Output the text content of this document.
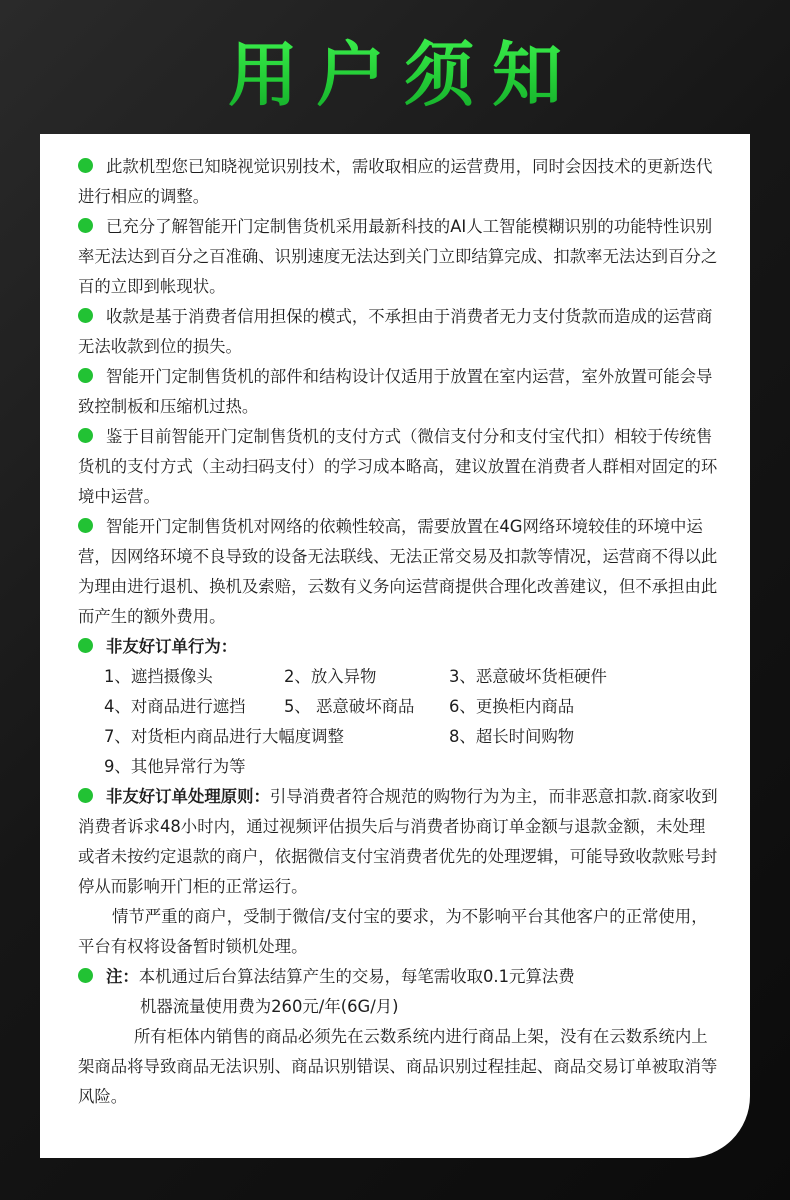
用户须知

此款机型您已知晓视觉识别技术，需收取相应的运营费用，同时会因技术的更新迭代进行相应的调整。

已充分了解智能开门定制售货机采用最新科技的AI人工智能模糊识别的功能特性识别率无法达到百分之百准确、识别速度无法达到关门立即结算完成、扣款率无法达到百分之百的立即到帐现状。

收款是基于消费者信用担保的模式，不承担由于消费者无力支付货款而造成的运营商无法收款到位的损失。

智能开门定制售货机的部件和结构设计仅适用于放置在室内运营，室外放置可能会导致控制板和压缩机过热。

鉴于目前智能开门定制售货机的支付方式（微信支付分和支付宝代扣）相较于传统售货机的支付方式（主动扫码支付）的学习成本略高，建议放置在消费者人群相对固定的环境中运营。

智能开门定制售货机对网络的依赖性较高，需要放置在4G网络环境较佳的环境中运营，因网络环境不良导致的设备无法联线、无法正常交易及扣款等情况，运营商不得以此为理由进行退机、换机及索赔，云数有义务向运营商提供合理化改善建议，但不承担由此而产生的额外费用。

非友好订单行为：

1、遮挡摄像头	2、放入异物	3、恶意破坏货柜硬件
4、对商品进行遮挡	5、 恶意破坏商品	6、更换柜内商品
7、对货柜内商品进行大幅度调整	8、超长时间购物
9、其他异常行为等

非友好订单处理原则：引导消费者符合规范的购物行为为主，而非恶意扣款.商家收到消费者诉求48小时内，通过视频评估损失后与消费者协商订单金额与退款金额，未处理或者未按约定退款的商户，依据微信支付宝消费者优先的处理逻辑，可能导致收款账号封停从而影响开门柜的正常运行。

情节严重的商户，受制于微信/支付宝的要求，为不影响平台其他客户的正常使用，平台有权将设备暂时锁机处理。

注：本机通过后台算法结算产生的交易，每笔需收取0.1元算法费

机器流量使用费为260元/年(6G/月)

所有柜体内销售的商品必须先在云数系统内进行商品上架，没有在云数系统内上架商品将导致商品无法识别、商品识别错误、商品识别过程挂起、商品交易订单被取消等风险。
